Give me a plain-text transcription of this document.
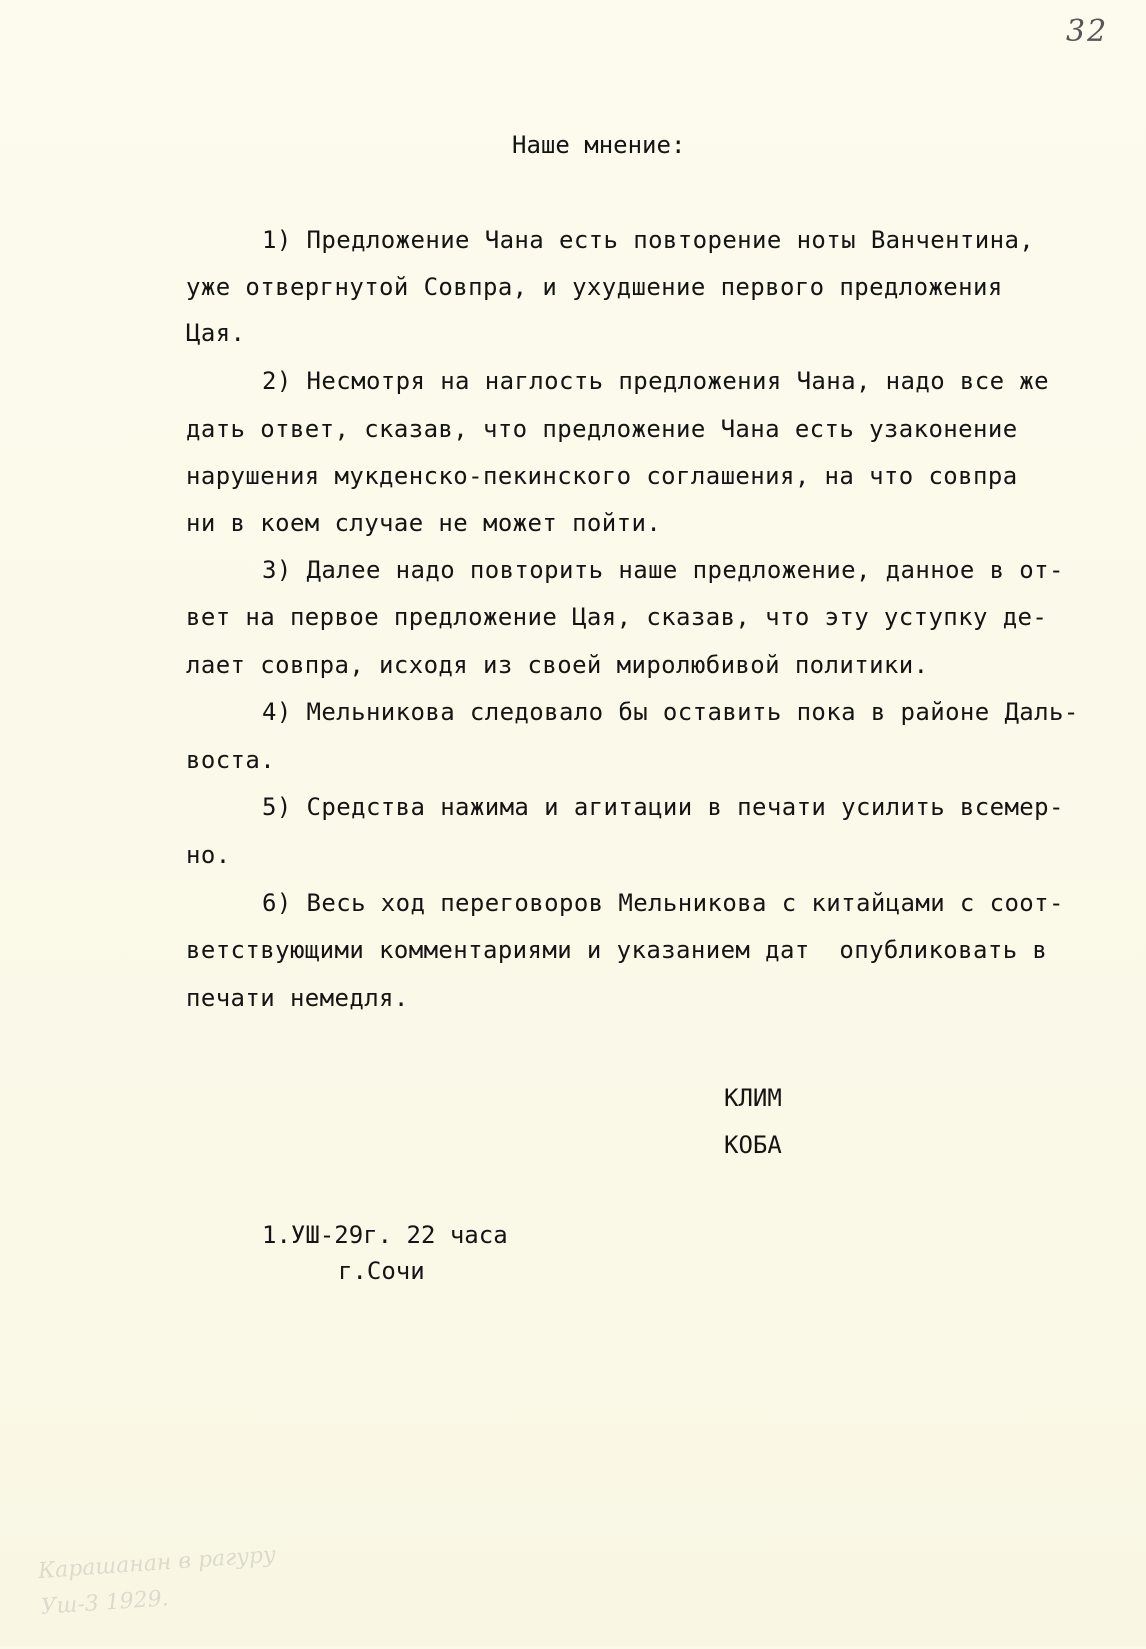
32
Наше мнение:
1) Предложение Чана есть повторение ноты Ванчентина,
уже отвергнутой Совпра, и ухудшение первого предложения
Цая.
2) Несмотря на наглость предложения Чана, надо все же
дать ответ, сказав, что предложение Чана есть узаконение
нарушения мукденско-пекинского соглашения, на что совпра
ни в коем случае не может пойти.
3) Далее надо повторить наше предложение, данное в от-
вет на первое предложение Цая, сказав, что эту уступку де-
лает совпра, исходя из своей миролюбивой политики.
4) Мельникова следовало бы оставить пока в районе Даль-
воста.
5) Средства нажима и агитации в печати усилить всемер-
но.
6) Весь ход переговоров Мельникова с китайцами с соот-
ветствующими комментариями и указанием дат  опубликовать в
печати немедля.
КЛИМ
КОБА
1.УШ-29г. 22 часа
г.Сочи
Карашанан в рагуру
Уш-3 1929.
